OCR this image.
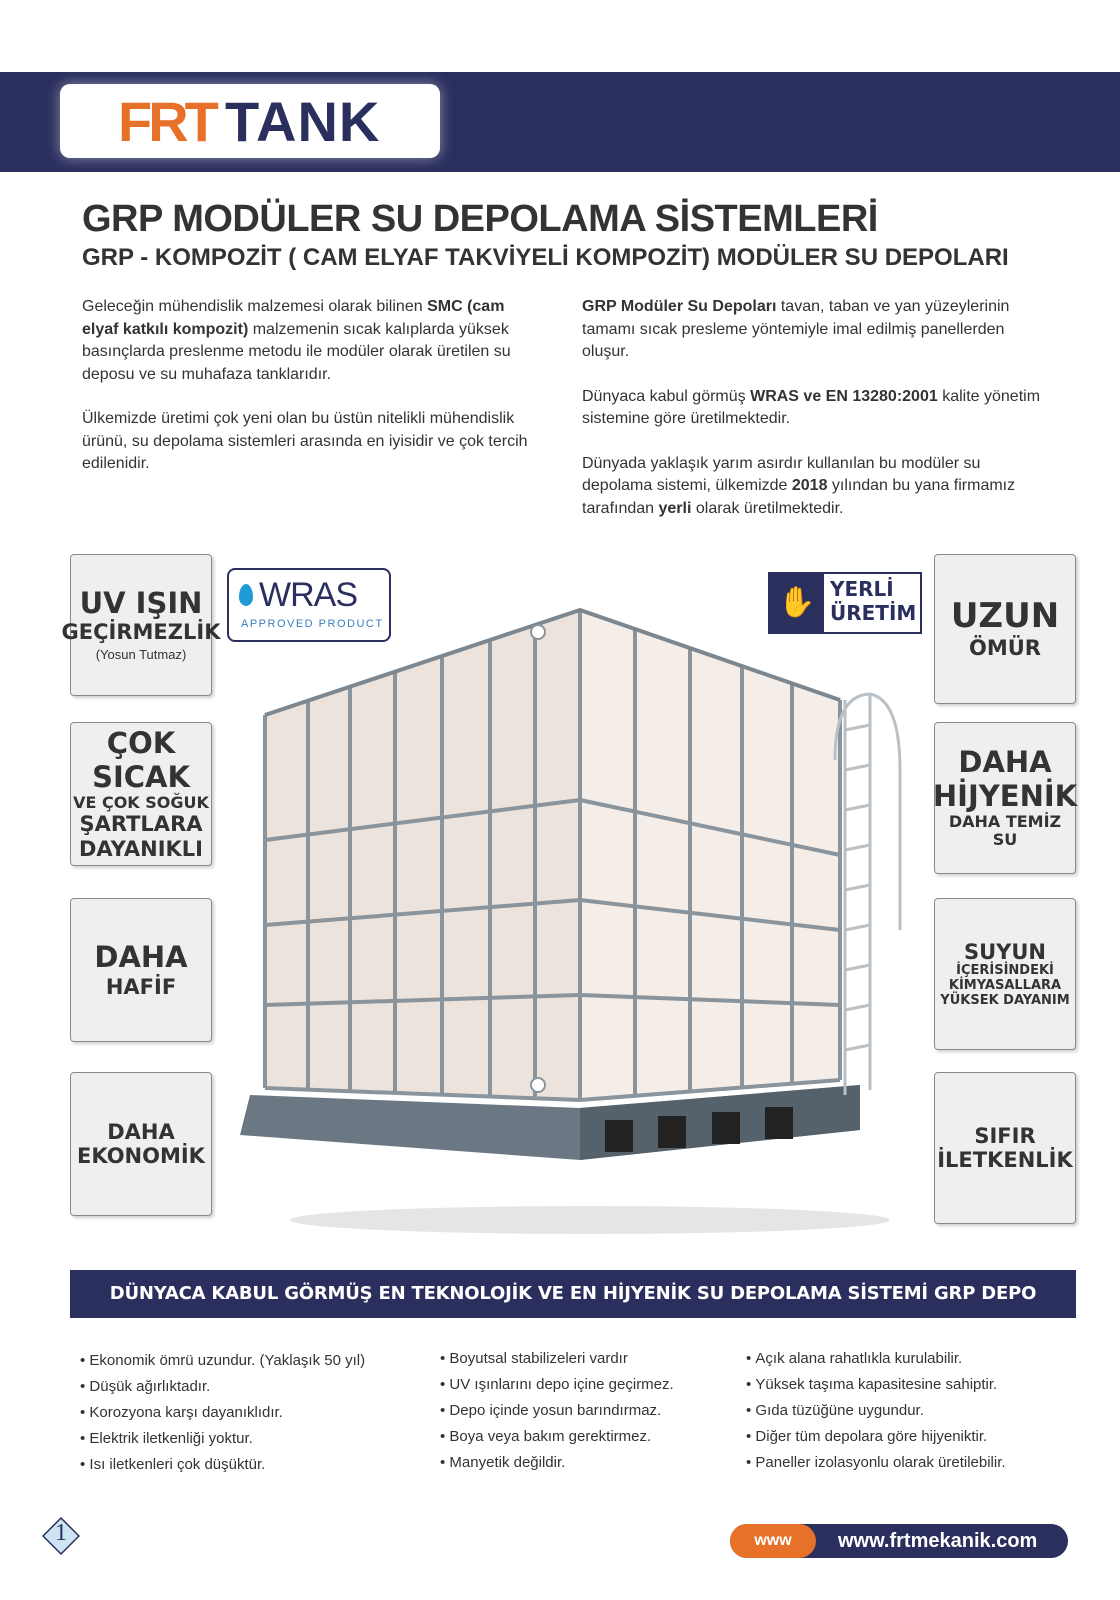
FRT TANK
GRP MODÜLER SU DEPOLAMA SİSTEMLERİ
GRP - KOMPOZİT ( CAM ELYAF TAKVİYELİ KOMPOZİT) MODÜLER SU DEPOLARI

Geleceğin mühendislik malzemesi olarak bilinen SMC (cam elyaf katkılı kompozit) malzemenin sıcak kalıplarda yüksek basınçlarda preslenme metodu ile modüler olarak üretilen su deposu ve su muhafaza tanklarıdır.

Ülkemizde üretimi çok yeni olan bu üstün nitelikli mühendislik ürünü, su depolama sistemleri arasında en iyisidir ve çok tercih edilenidir.

GRP Modüler Su Depoları tavan, taban ve yan yüzeylerinin tamamı sıcak presleme yöntemiyle imal edilmiş panellerden oluşur.

Dünyaca kabul görmüş WRAS ve EN 13280:2001 kalite yönetim sistemine göre üretilmektedir.

Dünyada yaklaşık yarım asırdır kullanılan bu modüler su depolama sistemi, ülkemizde 2018 yılından bu yana firmamız tarafından yerli olarak üretilmektedir.

UV IŞIN
GEÇİRMEZLİK
(Yosun Tutmaz)
ÇOK SICAK
VE ÇOK SOĞUK
ŞARTLARA
DAYANIKLI
DAHA
HAFİF
DAHA
EKONOMİK
UZUN
ÖMÜR
DAHA
HİJYENİK
DAHA TEMİZ SU
SUYUN
İÇERİSİNDEKİ
KİMYASALLARA
YÜKSEK DAYANIM
SIFIR
İLETKENLİK
WRAS
APPROVED PRODUCT
✋ YERLİ
ÜRETİM
DÜNYACA KABUL GÖRMÜŞ EN TEKNOLOJİK VE EN HİJYENİK SU DEPOLAMA SİSTEMİ GRP DEPO SİSTEMİDİR.
• Ekonomik ömrü uzundur. (Yaklaşık 50 yıl)
• Düşük ağırlıktadır.
• Korozyona karşı dayanıklıdır.
• Elektrik iletkenliği yoktur.
• Isı iletkenleri çok düşüktür.
• Boyutsal stabilizeleri vardır
• UV ışınlarını depo içine geçirmez.
• Depo içinde yosun barındırmaz.
• Boya veya bakım gerektirmez.
• Manyetik değildir.
• Açık alana rahatlıkla kurulabilir.
• Yüksek taşıma kapasitesine sahiptir.
• Gıda tüzüğüne uygundur.
• Diğer tüm depolara göre hijyeniktir.
• Paneller izolasyonlu olarak üretilebilir.
1	www	www.frtmekanik.com
